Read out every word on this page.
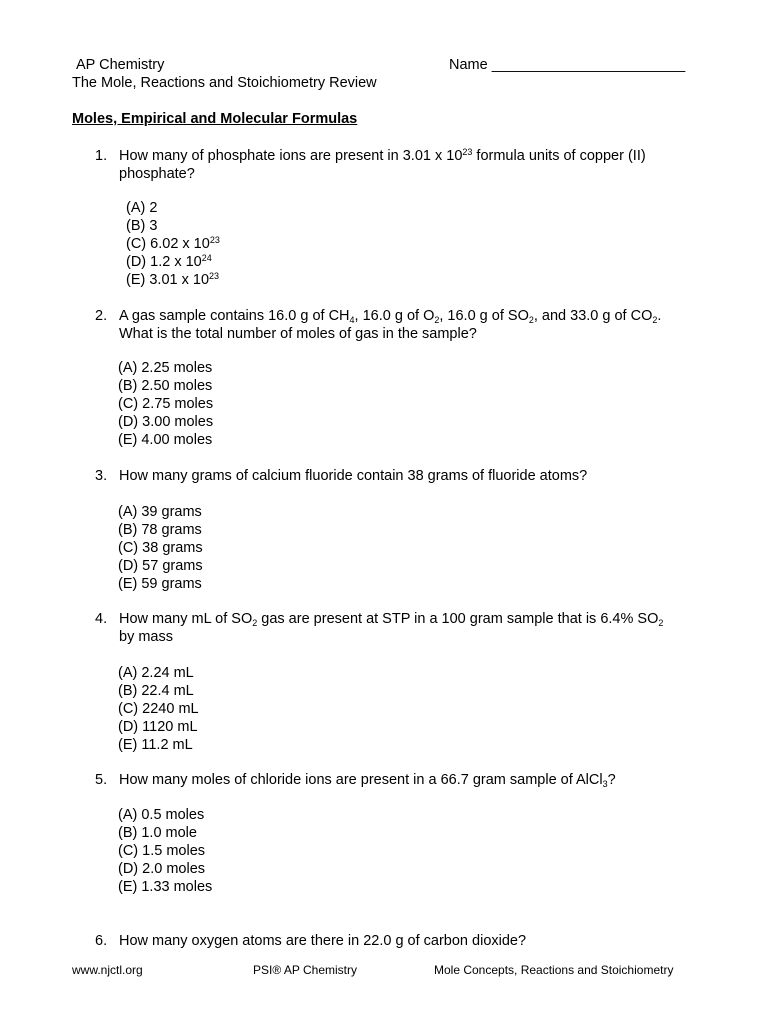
AP Chemistry	Name ________________________
The Mole, Reactions and Stoichiometry Review
Moles, Empirical and Molecular Formulas
1. How many of phosphate ions are present in 3.01 x $10^{23}$ formula units of copper (II)
phosphate?
(A) 2
(B) 3
(C) 6.02 x $10^{23}$
(D) 1.2 x $10^{24}$
(E) 3.01 x $10^{23}$
2. A gas sample contains 16.0 g of $CH_4$, 16.0 g of $O_2$, 16.0 g of $SO_2$, and 33.0 g of $CO_2$.
What is the total number of moles of gas in the sample?
(A) 2.25 moles
(B) 2.50 moles
(C) 2.75 moles
(D) 3.00 moles
(E) 4.00 moles
3. How many grams of calcium fluoride contain 38 grams of fluoride atoms?
(A) 39 grams
(B) 78 grams
(C) 38 grams
(D) 57 grams
(E) 59 grams
4. How many mL of $SO_2$ gas are present at STP in a 100 gram sample that is 6.4% $SO_2$
by mass
(A) 2.24 mL
(B) 22.4 mL
(C) 2240 mL
(D) 1120 mL
(E) 11.2 mL
5. How many moles of chloride ions are present in a 66.7 gram sample of AlCl$_3$?
(A) 0.5 moles
(B) 1.0 mole
(C) 1.5 moles
(D) 2.0 moles
(E) 1.33 moles
6. How many oxygen atoms are there in 22.0 g of carbon dioxide?
www.njctl.org	PSI® AP Chemistry	Mole Concepts, Reactions and Stoichiometry
